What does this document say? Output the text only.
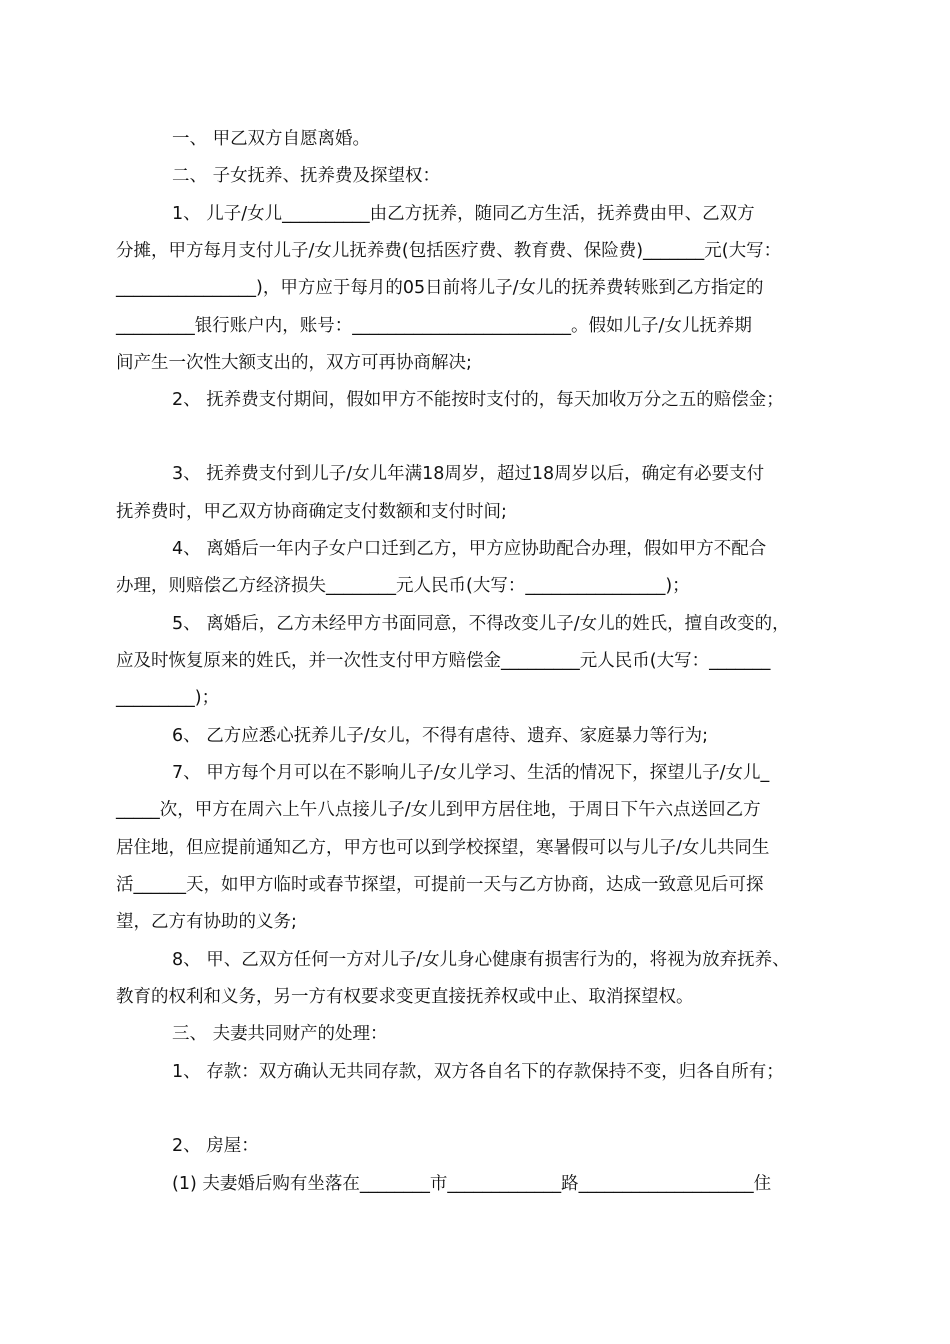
一、 甲乙双方自愿离婚。

二、 子女抚养、抚养费及探望权：

1、 儿子/女儿__________由乙方抚养，随同乙方生活，抚养费由甲、乙双方

分摊，甲方每月支付儿子/女儿抚养费(包括医疗费、教育费、保险费)_______元(大写：

________________)，甲方应于每月的05日前将儿子/女儿的抚养费转账到乙方指定的

_________银行账户内，账号：_________________________。假如儿子/女儿抚养期

间产生一次性大额支出的，双方可再协商解决;

2、 抚养费支付期间，假如甲方不能按时支付的，每天加收万分之五的赔偿金；

3、 抚养费支付到儿子/女儿年满18周岁，超过18周岁以后，确定有必要支付

抚养费时，甲乙双方协商确定支付数额和支付时间;

4、 离婚后一年内子女户口迁到乙方，甲方应协助配合办理，假如甲方不配合

办理，则赔偿乙方经济损失________元人民币(大写：________________)；

5、 离婚后，乙方未经甲方书面同意，不得改变儿子/女儿的姓氏，擅自改变的，

应及时恢复原来的姓氏，并一次性支付甲方赔偿金_________元人民币(大写：_______

_________)；

6、 乙方应悉心抚养儿子/女儿，不得有虐待、遗弃、家庭暴力等行为;

7、 甲方每个月可以在不影响儿子/女儿学习、生活的情况下，探望儿子/女儿_

_____次，甲方在周六上午八点接儿子/女儿到甲方居住地，于周日下午六点送回乙方

居住地，但应提前通知乙方，甲方也可以到学校探望，寒暑假可以与儿子/女儿共同生

活______天，如甲方临时或春节探望，可提前一天与乙方协商，达成一致意见后可探

望，乙方有协助的义务;

8、 甲、乙双方任何一方对儿子/女儿身心健康有损害行为的，将视为放弃抚养、

教育的权利和义务，另一方有权要求变更直接抚养权或中止、取消探望权。

三、 夫妻共同财产的处理：

1、 存款：双方确认无共同存款，双方各自名下的存款保持不变，归各自所有；

2、 房屋：

(1) 夫妻婚后购有坐落在________市_____________路____________________住
